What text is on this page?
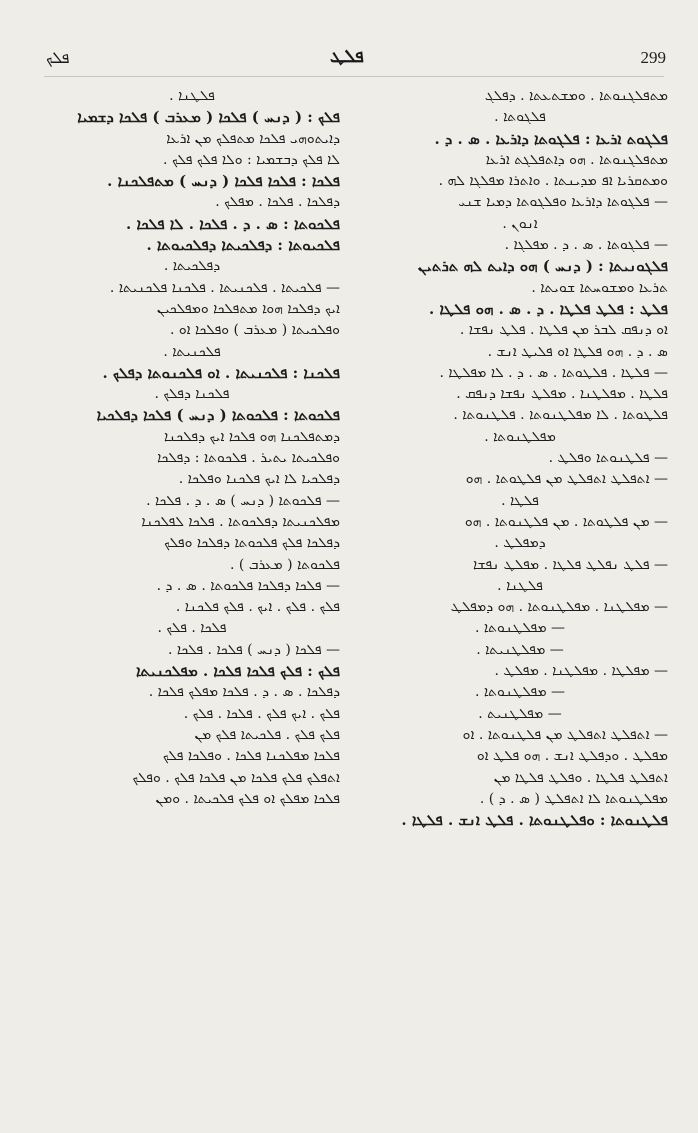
299
ܦܠܛ
ܦܠܟ
ܡܬܦܠܓܢܘܬܐ . ܘܡܫܬܥܬܐ . ܕܦܠܓ
ܦܠܓܘܬܐ .
ܦܠܓܘܬ ܐܪܥܐ : ܦܠܓܘܬܐ ܕܐܪܥܐ . ܣ . ܕ .
ܡܬܦܠܓܢܘܬܐ . ܗܘ ܕܐܬܦܠܓܬ ܐܪܥܐ
ܘܡܬܩܪܝܐ ܐܦ ܡܕܝܢܬܐ . ܘܐܬܪܐ ܡܦܠܓܐ ܠܗ .
— ܦܠܓܘܬܐ ܕܐܪܥܐ ܘܦܠܓܘܬܐ ܕܡܝܐ ܫܢܝ
ܐܢܘܢ .
— ܦܠܓܘܬܐ . ܣ . ܕ . ܡܦܠܓܐ .
ܦܠܓܘܢܝܬܐ : ( ܕܢܚ ) ܗܘ ܕܐܝܬ ܠܗ ܬܪܬܝܢ
ܬܪܥܐ ܘܡܫܘܚܬܐ ܫܘܝܬܐ .
ܦܠܛ : ܦܠܛ ܦܠܛܐ . ܕ . ܣ . ܗܘ ܦܠܛܐ .
ܐܘ ܕܢܦܩ ܠܒܪ ܡܢ ܦܠܛܐ . ܦܠܛ ܢܦܫܐ .
ܣ . ܕ . ܗܘ ܦܠܛܐ ܐܘ ܦܠܝܛ ܐܢܫ .
— ܦܠܛܐ . ܦܠܛܘܬܐ . ܣ . ܕ . ܠܐ ܡܦܠܛܐ .
ܦܠܛܐ . ܡܦܠܛܢܐ . ܡܦܠܛ ܢܦܫܐ ܕܢܦܩ .
ܦܠܛܘܬܐ . ܠܐ ܡܦܠܛܢܘܬܐ . ܦܠܛܢܘܬܐ .
ܡܦܠܛܢܘܬܐ .
— ܦܠܛܢܘܬܐ ܘܦܠܛ .
— ܐܬܦܠܛ ܐܬܦܠܛ ܡܢ ܦܠܛܘܬܐ . ܗܘ
ܦܠܛܐ .
— ܡܢ ܦܠܛܘܬܐ . ܡܢ ܦܠܛܢܘܬܐ . ܗܘ
ܕܡܦܠܛ .
— ܦܠܛ ܢܦܠܛ ܦܠܛܐ . ܡܦܠܛ ܢܦܫܐ
ܦܠܛܢܐ .
— ܡܦܠܛܢܐ . ܡܦܠܛܢܘܬܐ . ܗܘ ܕܡܦܠܛ
— ܡܦܠܛܢܘܬܐ .
— ܡܦܠܛܢܝܬܐ .
— ܡܦܠܛܐ . ܡܦܠܛܢܐ . ܡܦܠܛ .
— ܡܦܠܛܢܘܬܐ .
— ܡܦܠܛܢܝܬ .
— ܐܬܦܠܛ ܐܬܦܠܛ ܡܢ ܦܠܛܢܘܬܐ . ܐܘ
ܡܦܠܛ . ܘܕܦܠܛ ܐܢܫ . ܗܘ ܦܠܛ ܐܘ
ܐܬܦܠܛ ܦܠܛܐ . ܘܦܠܛ ܦܠܛܐ ܡܢ
ܡܦܠܛܢܘܬܐ ܠܐ ܐܬܦܠܛ ( ܣ . ܕ ) .
ܦܠܛܢܘܬܐ : ܘܦܠܛܢܘܬܐ . ܦܠܛ ܐܢܫ . ܦܠܛܐ .
ܦܠܛܢܐ .
ܦܠܟ : ( ܕܢܚ ) ܦܠܟܐ ( ܡܥܪܒ ) ܦܠܟܐ ܕܫܡܝܐ
ܕܐܝܬܘܗܝ ܦܠܟܐ ܡܬܦܠܟ ܡܢ ܐܪܥܐ
ܠܐ ܦܠܟ ܕܒܫܡܝܐ : ܘܠܐ ܦܠܟ ܦܠܟ .
ܦܠܟܐ : ܦܠܟܐ ܦܠܟܐ ( ܕܢܚ ) ܡܬܦܠܟܢܐ .
ܕܦܠܟܐ . ܦܠܟܐ . ܡܦܠܟ .
ܦܠܟܘܬܐ : ܣ . ܕ . ܦܠܟܐ . ܠܐ ܦܠܟܐ .
ܦܠܟܝܘܬܐ : ܕܦܠܟܝܬܐ ܕܦܠܟܝܘܬܐ .
ܕܦܠܟܝܬܐ .
— ܦܠܟܝܬܐ . ܦܠܟܢܝܬܐ . ܦܠܟܢܐ ܦܠܟܢܝܬܐ .
ܐܝܟ ܕܦܠܟܐ ܗܘܐ ܡܬܦܠܟܐ ܘܡܦܠܟܝܢ
ܘܦܠܟܝܬܐ ( ܡܥܪܒ ) ܘܦܠܟܐ ܐܘ .
ܦܠܟܢܝܬܐ .
ܦܠܟܢܐ : ܦܠܟܢܝܬܐ . ܐܘ ܦܠܟܢܘܬܐ ܕܦܠܟ .
ܦܠܟܢܐ ܕܦܠܟ .
ܦܠܟܘܬܐ : ܦܠܟܘܬܐ ( ܕܢܚ ) ܦܠܟܐ ܕܦܠܟܝܐ
ܕܡܬܦܠܟܢܐ ܗܘ ܦܠܟܐ ܐܝܟ ܕܦܠܟܢܐ
ܘܦܠܟܝܬܐ ܝܬܝܪ . ܦܠܟܘܬܐ : ܕܦܠܟܐ
ܕܦܠܟܝܐ ܠܐ ܐܝܟ ܦܠܟܢܐ ܘܦܠܟܐ .
— ܦܠܟܘܬܐ ( ܕܢܚ ) ܣ . ܕ . ܦܠܟܐ .
ܡܦܠܟܢܝܬܐ ܕܦܠܟܘܬܐ . ܦܠܟܐ ܠܦܠܟܢܐ
ܕܦܠܟܐ ܦܠܟ ܦܠܟܘܬܐ ܕܦܠܟܐ ܘܦܠܟ
ܦܠܟܘܬܐ ( ܡܥܪܒ ) .
— ܦܠܟܐ ܕܦܠܟܐ ܦܠܟܘܬܐ . ܣ . ܕ .
ܦܠܟ . ܦܠܟ . ܐܝܟ . ܦܠܟ ܦܠܟܢܐ .
ܦܠܟܐ . ܦܠܟ .
— ܦܠܟܐ ( ܕܢܚ ) ܦܠܟܐ . ܦܠܟܐ .
ܦܠܟ : ܦܠܟ ܦܠܟܐ ܦܠܟܐ . ܡܦܠܟܢܝܬܐ
ܕܦܠܟܐ . ܣ . ܕ . ܦܠܟܐ ܡܦܠܟ ܦܠܟܐ .
ܦܠܟ . ܐܝܟ ܦܠܟ . ܦܠܟܐ . ܦܠܟ .
ܦܠܟ ܦܠܟ . ܦܠܟܝܬܐ ܦܠܟ ܡܢ
ܦܠܟܐ ܡܦܠܟܢܐ ܦܠܟܐ . ܘܦܠܟܐ ܦܠܟ
ܐܬܦܠܟ ܦܠܟ ܦܠܟܐ ܡܢ ܦܠܟܐ ܦܠܟ . ܘܦܠܟ
ܦܠܟܐ ܡܦܠܟ ܐܘ ܦܠܟ ܦܠܟܝܬܐ . ܘܡܢ
